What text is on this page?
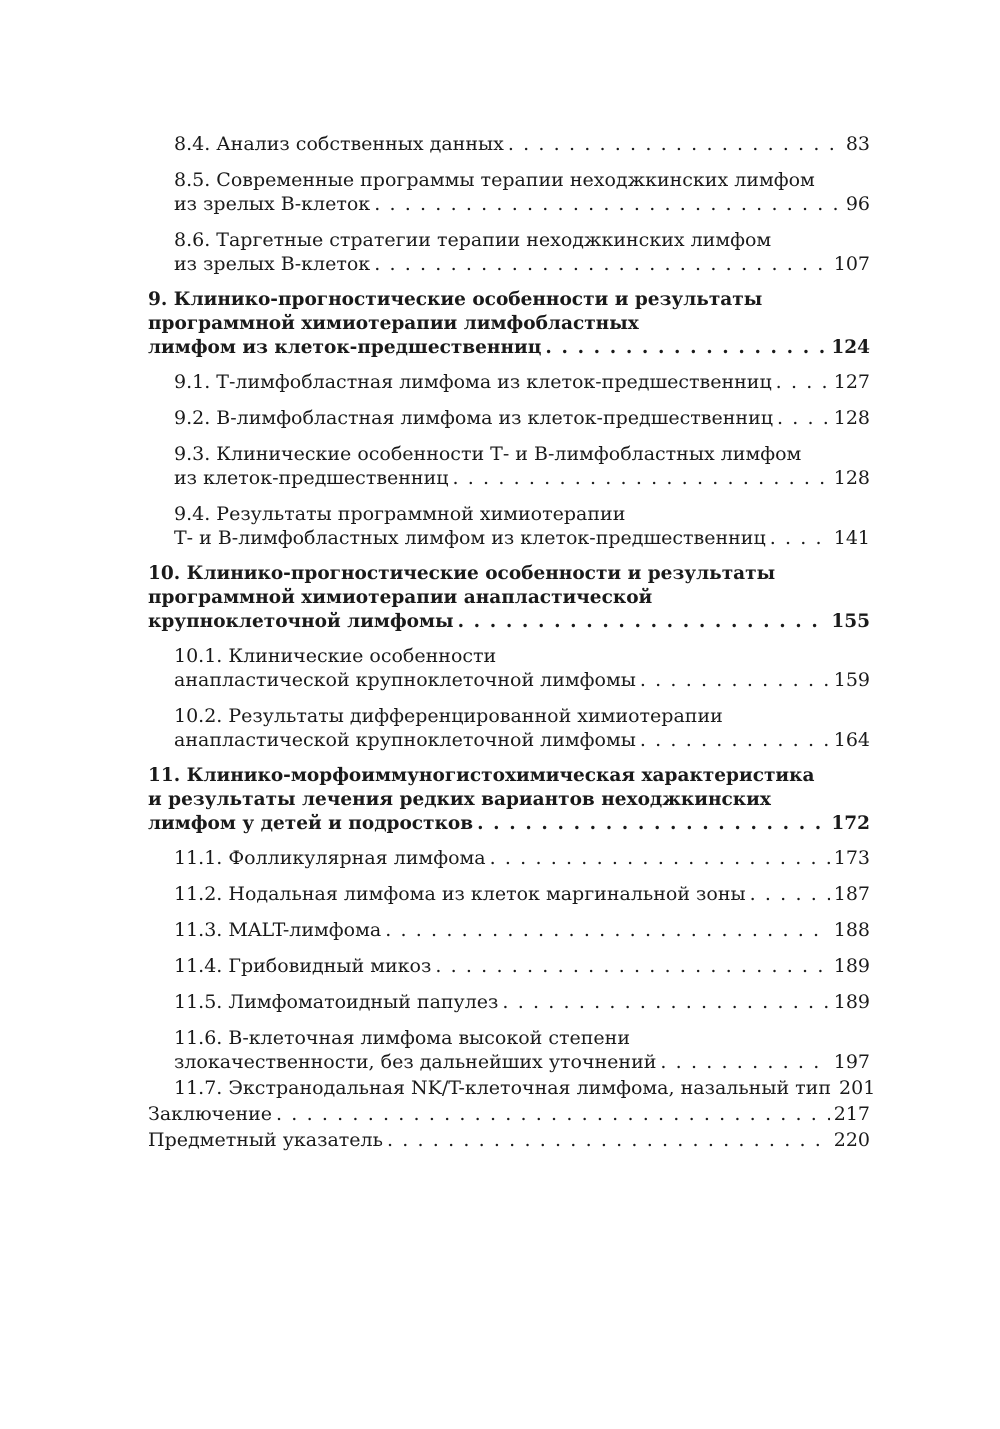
8.4. Анализ собственных данных . . .	83
8.5. Современные программы терапии неходжкинских лимфом
из зрелых В-клеток . . .	96
8.6. Таргетные стратегии терапии неходжкинских лимфом
из зрелых В-клеток . . .	107
9. Клинико-прогностические особенности и результаты
программной химиотерапии лимфобластных
лимфом из клеток-предшественниц . . .	124
9.1. Т-лимфобластная лимфома из клеток-предшественниц . . .	127
9.2. В-лимфобластная лимфома из клеток-предшественниц . . .	128
9.3. Клинические особенности Т- и В-лимфобластных лимфом
из клеток-предшественниц . . .	128
9.4. Результаты программной химиотерапии
Т- и В-лимфобластных лимфом из клеток-предшественниц . . .	141
10. Клинико-прогностические особенности и результаты
программной химиотерапии анапластической
крупноклеточной лимфомы . . .	155
10.1. Клинические особенности
анапластической крупноклеточной лимфомы . . .	159
10.2. Результаты дифференцированной химиотерапии
анапластической крупноклеточной лимфомы . . .	164
11. Клинико-морфоиммуногистохимическая характеристика
и результаты лечения редких вариантов неходжкинских
лимфом у детей и подростков . . .	172
11.1. Фолликулярная лимфома . . .	173
11.2. Нодальная лимфома из клеток маргинальной зоны . . .	187
11.3. MALT-лимфома . . .	188
11.4. Грибовидный микоз . . .	189
11.5. Лимфоматоидный папулез . . .	189
11.6. В-клеточная лимфома высокой степени
злокачественности, без дальнейших уточнений . . .	197
11.7. Экстранодальная NK/T-клеточная лимфома, назальный тип 201
Заключение . . .	217
Предметный указатель . . .	220
